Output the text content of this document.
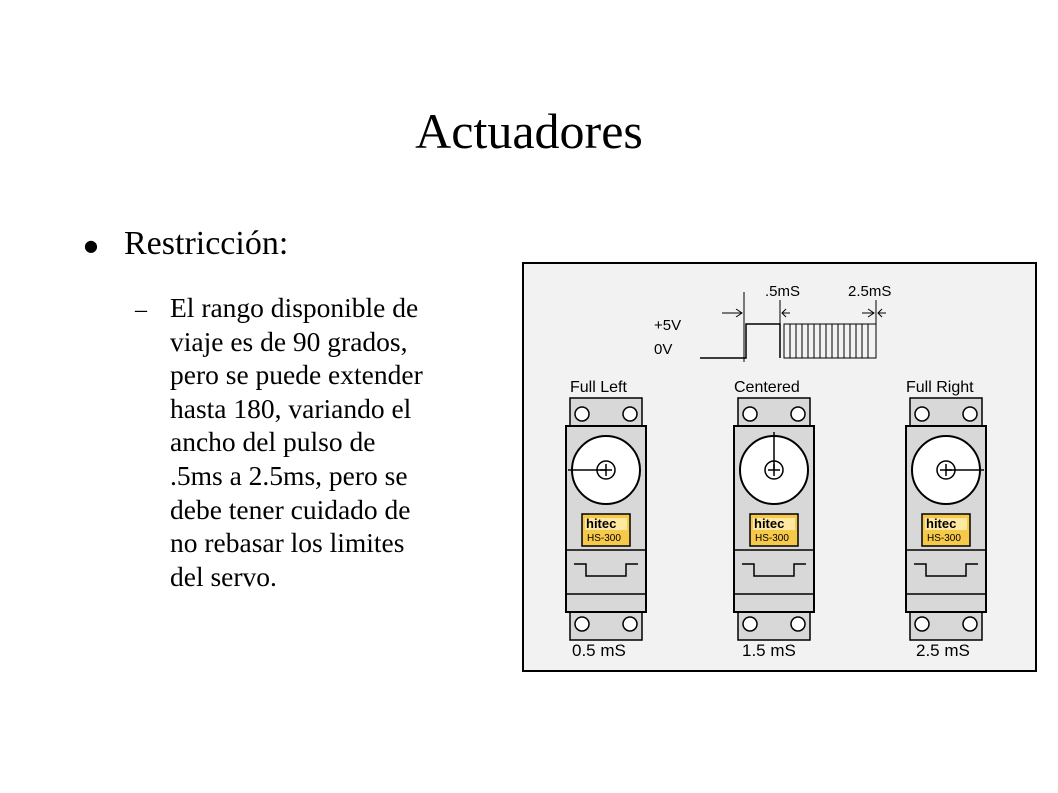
Actuadores
● Restricción:
– El rango disponible de
viaje es de 90 grados,
pero se puede extender
hasta 180, variando el
ancho del pulso de
.5ms a 2.5ms, pero se
debe tener cuidado de
no rebasar los limites
del servo.

.5mS	2.5mS
+5V
0V
Full Left
hitec
HS-300
0.5 mS
Centered
hitec
HS-300
1.5 mS
Full Right
hitec
HS-300
2.5 mS
